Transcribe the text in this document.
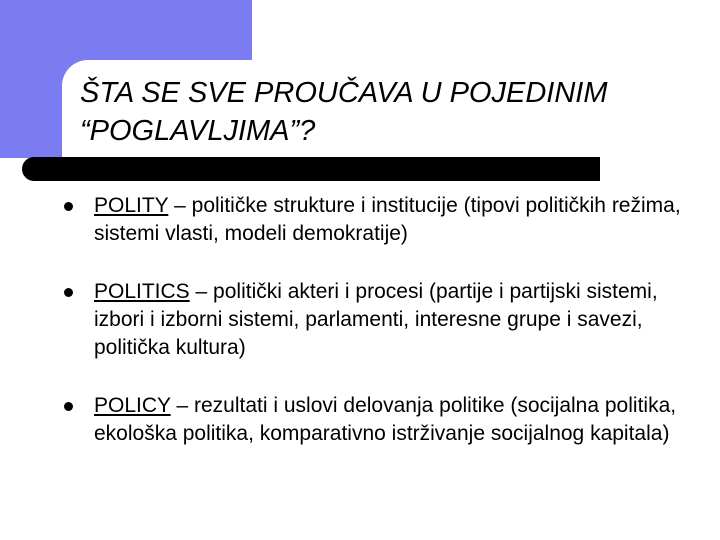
ŠTA SE SVE PROUČAVA U POJEDINIM
“POGLAVLJIMA”?
POLITY – političke strukture i institucije (tipovi političkih režima, sistemi vlasti, modeli demokratije)
POLITICS – politički akteri i procesi (partije i partijski sistemi, izbori i izborni sistemi, parlamenti, interesne grupe i savezi, politička kultura)
POLICY – rezultati i uslovi delovanja politike (socijalna politika, ekološka politika, komparativno istrživanje socijalnog kapitala)
